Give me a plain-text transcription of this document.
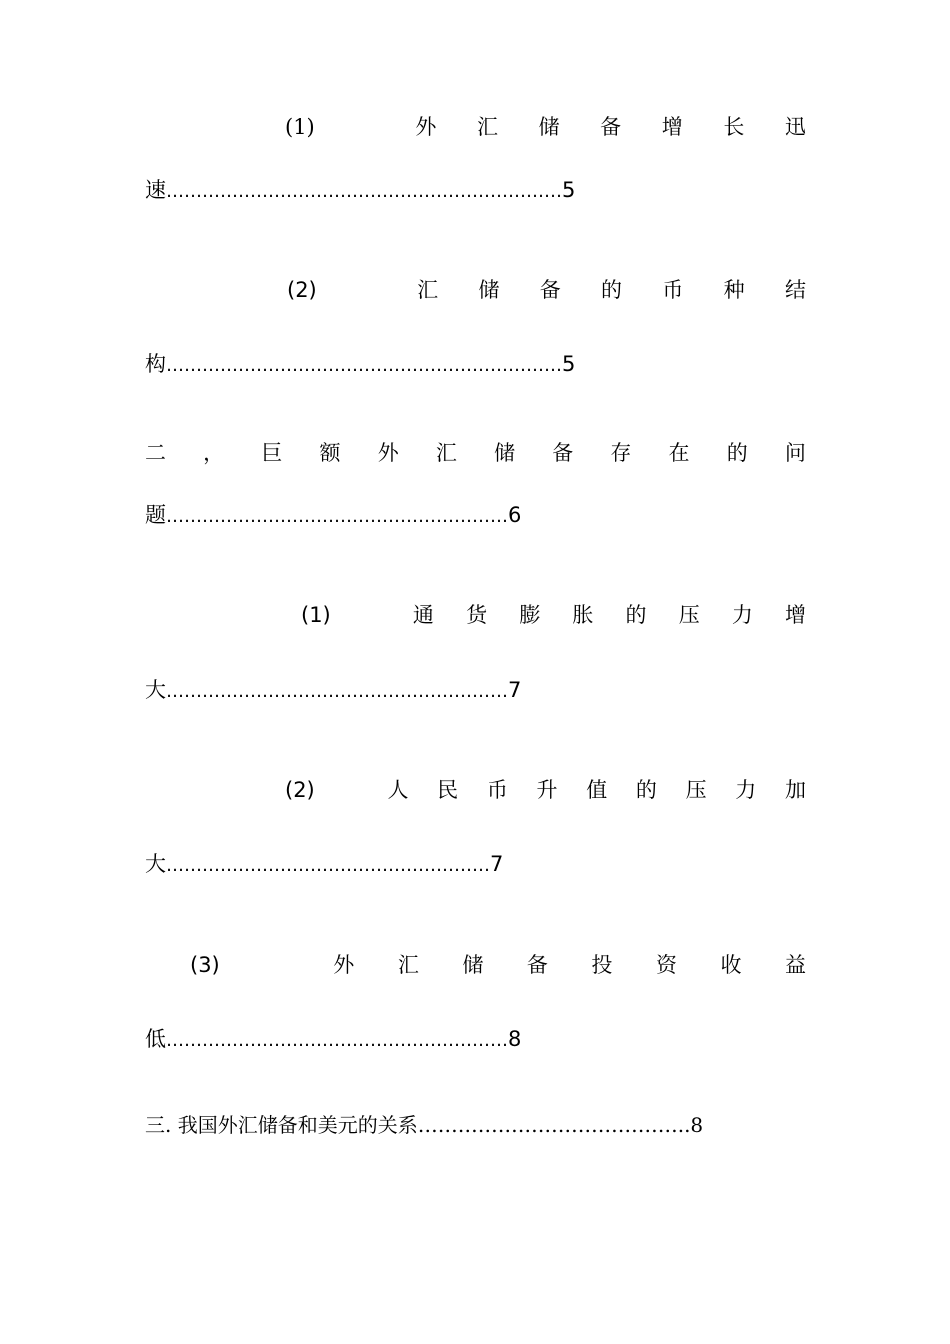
(1)	外 汇 储 备 增 长 迅
速…………………………………………………………5
(2)	汇 储 备 的 币 种 结
构…………………………………………………………5
二 ， 巨 额 外 汇 储 备 存 在 的 问
题…………………………………………………6
(1)	通 货 膨 胀 的 压 力 增
大…………………………………………………7
(2)	人 民 币 升 值 的 压 力 加
大………………………………………………7
(3)	外 汇 储 备 投 资 收 益
低…………………………………………………8
三. 我国外汇储备和美元的关系…………………………………..8
